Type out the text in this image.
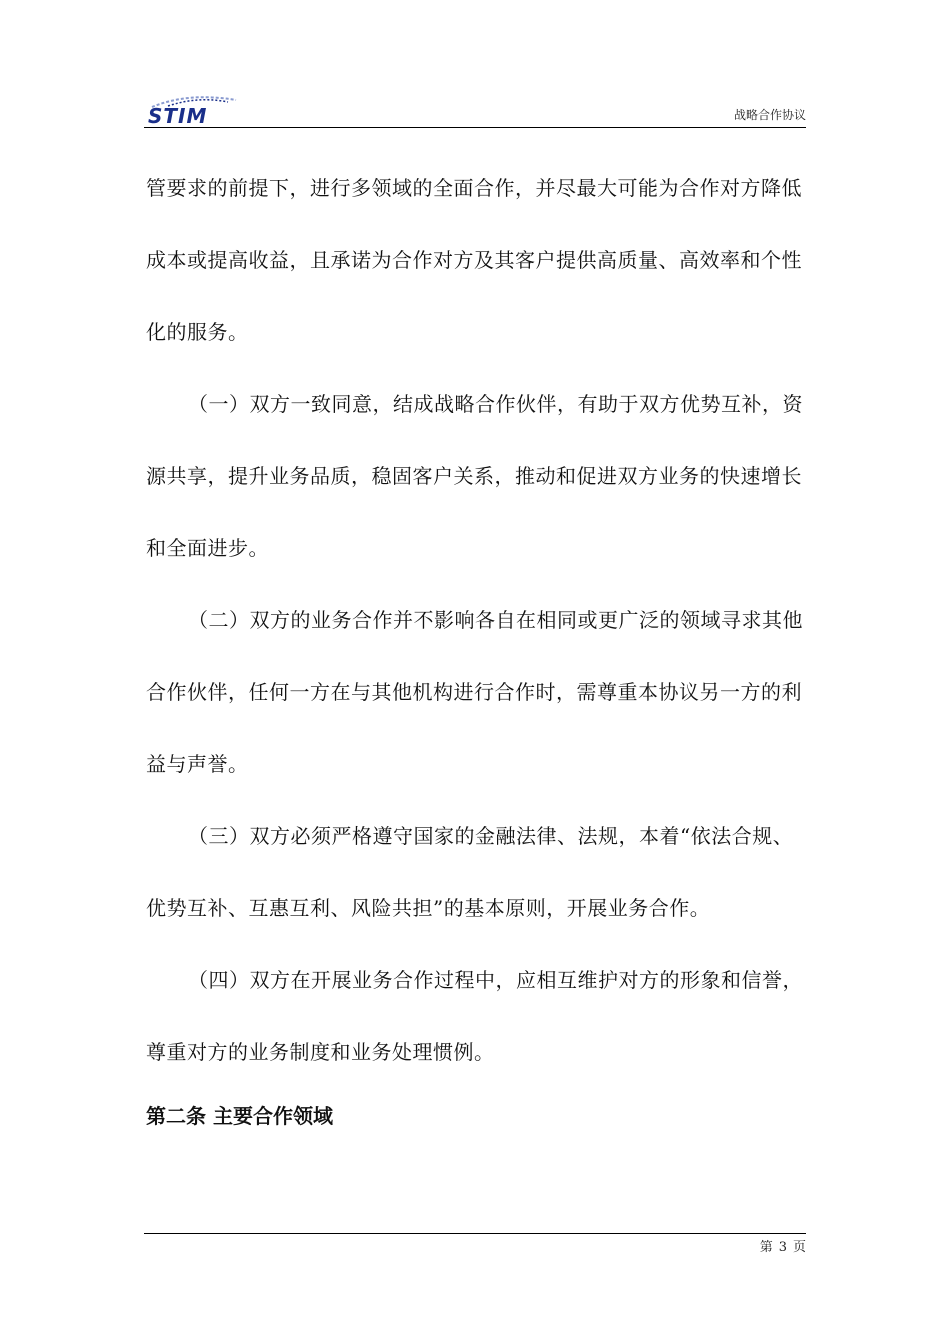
STIM	战略合作协议

管要求的前提下，进行多领域的全面合作，并尽最大可能为合作对方降低成本或提高收益，且承诺为合作对方及其客户提供高质量、高效率和个性化的服务。

（一）双方一致同意，结成战略合作伙伴，有助于双方优势互补，资源共享，提升业务品质，稳固客户关系，推动和促进双方业务的快速增长和全面进步。

（二）双方的业务合作并不影响各自在相同或更广泛的领域寻求其他合作伙伴，任何一方在与其他机构进行合作时，需尊重本协议另一方的利益与声誉。

（三）双方必须严格遵守国家的金融法律、法规，本着“依法合规、优势互补、互惠互利、风险共担”的基本原则，开展业务合作。

（四）双方在开展业务合作过程中，应相互维护对方的形象和信誉，尊重对方的业务制度和业务处理惯例。

第二条 主要合作领域

第 3 页
